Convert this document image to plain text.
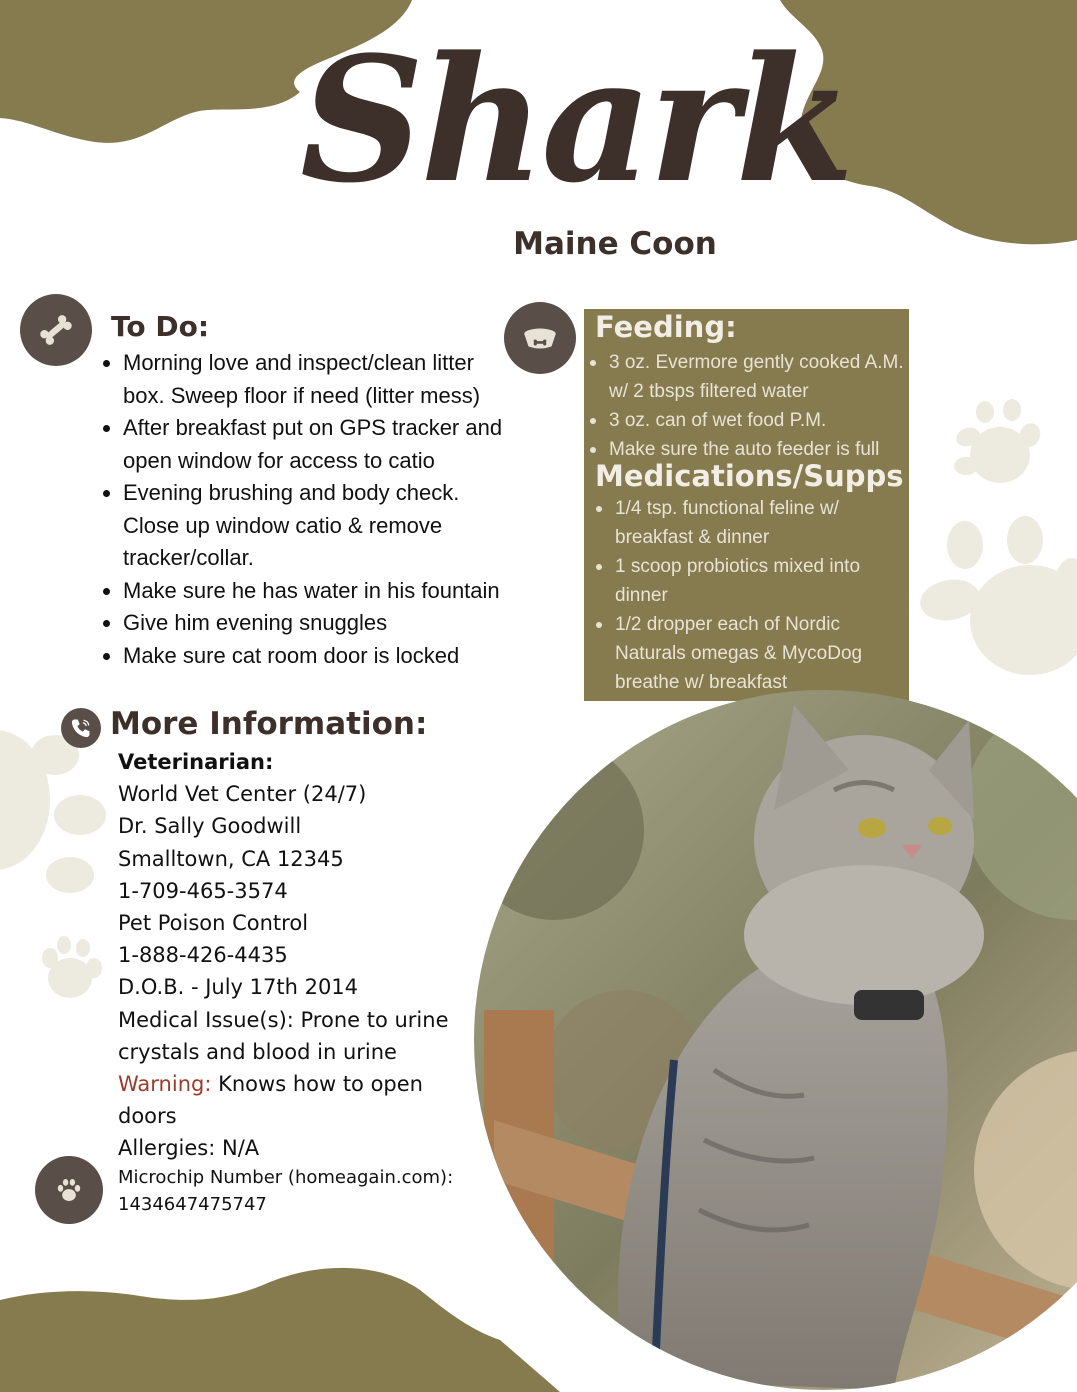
Shark
Maine Coon
To Do:
Morning love and inspect/clean litter box. Sweep floor if need (litter mess)
After breakfast put on GPS tracker and open window for access to catio
Evening brushing and body check. Close up window catio & remove tracker/collar.
Make sure he has water in his fountain
Give him evening snuggles
Make sure cat room door is locked
Feeding:
3 oz. Evermore gently cooked A.M. w/ 2 tbsps filtered water
3 oz. can of wet food P.M.
Make sure the auto feeder is full
Medications/Supps
1/4 tsp. functional feline w/ breakfast & dinner
1 scoop probiotics mixed into dinner
1/2 dropper each of Nordic Naturals omegas & MycoDog breathe w/ breakfast
More Information:
Veterinarian:
World Vet Center (24/7)
Dr. Sally Goodwill
Smalltown, CA 12345
1-709-465-3574
Pet Poison Control
1-888-426-4435
D.O.B. - July 17th 2014
Medical Issue(s): Prone to urine
crystals and blood in urine
Warning: Knows how to open
doors
Allergies: N/A
Microchip Number (homeagain.com):
1434647475747
